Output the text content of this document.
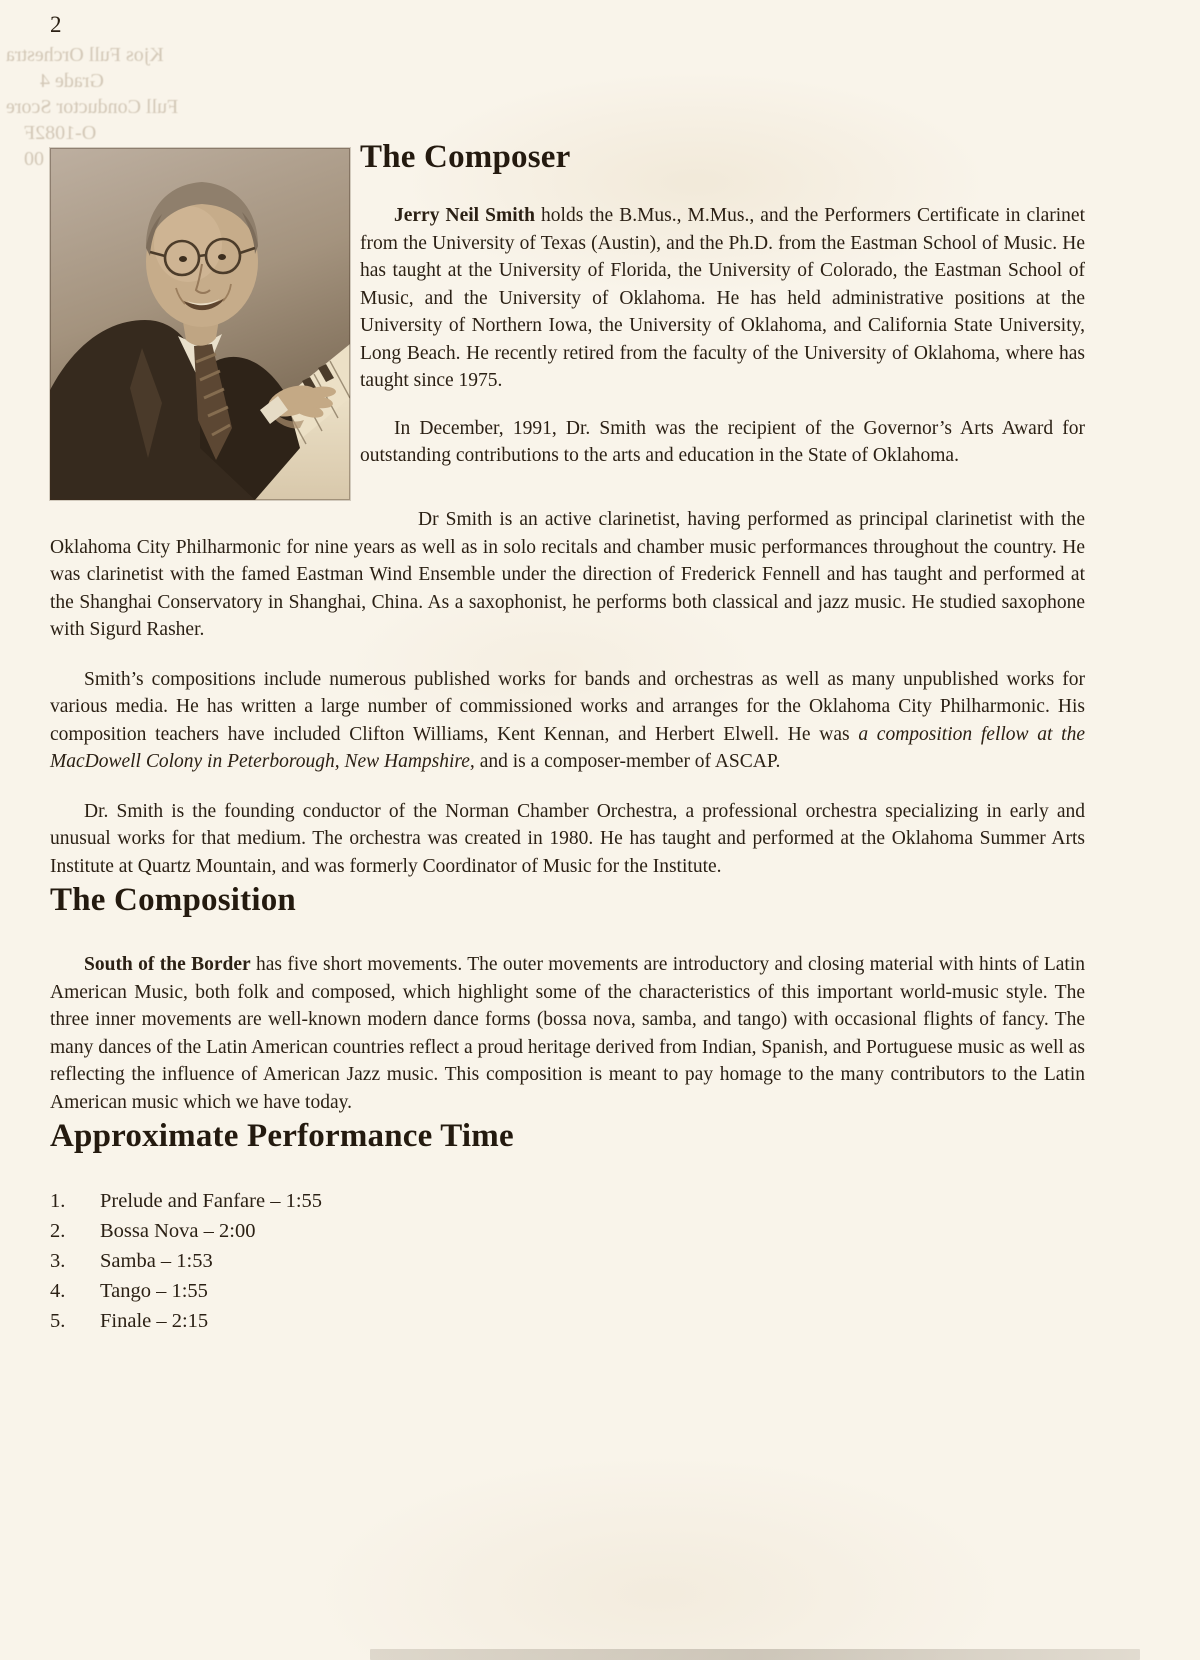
2
Kjos Full Orchestra
Grade 4
Full Conductor Score
O-1082F
00	The Composer

Jerry Neil Smith holds the B.Mus., M.Mus., and the Performers Certificate in clarinet from the University of Texas (Austin), and the Ph.D. from the Eastman School of Music. He has taught at the University of Florida, the University of Colorado, the Eastman School of Music, and the University of Oklahoma. He has held administrative positions at the University of Northern Iowa, the University of Oklahoma, and California State University, Long Beach. He recently retired from the faculty of the University of Oklahoma, where has taught since 1975.

In December, 1991, Dr. Smith was the recipient of the Governor’s Arts Award for outstanding contributions to the arts and education in the State of Oklahoma.

Dr Smith is an active clarinetist, having performed as principal clarinetist with the Oklahoma City Philharmonic for nine years as well as in solo recitals and chamber music performances throughout the country. He was clarinetist with the famed Eastman Wind Ensemble under the direction of Frederick Fennell and has taught and performed at the Shanghai Conservatory in Shanghai, China. As a saxophonist, he performs both classical and jazz music. He studied saxophone with Sigurd Rasher.

Smith’s compositions include numerous published works for bands and orchestras as well as many unpublished works for various media. He has written a large number of commissioned works and arranges for the Oklahoma City Philharmonic. His composition teachers have included Clifton Williams, Kent Kennan, and Herbert Elwell. He was a composition fellow at the MacDowell Colony in Peterborough, New Hampshire, and is a composer-member of ASCAP.

Dr. Smith is the founding conductor of the Norman Chamber Orchestra, a professional orchestra specializing in early and unusual works for that medium. The orchestra was created in 1980. He has taught and performed at the Oklahoma Summer Arts Institute at Quartz Mountain, and was formerly Coordinator of Music for the Institute.

The Composition

South of the Border has five short movements. The outer movements are introductory and closing material with hints of Latin American Music, both folk and composed, which highlight some of the characteristics of this important world-music style. The three inner movements are well-known modern dance forms (bossa nova, samba, and tango) with occasional flights of fancy. The many dances of the Latin American countries reflect a proud heritage derived from Indian, Spanish, and Portuguese music as well as reflecting the influence of American Jazz music. This composition is meant to pay homage to the many contributors to the Latin American music which we have today.

Approximate Performance Time
1.	Prelude and Fanfare – 1:55
2.	Bossa Nova – 2:00
3.	Samba – 1:53
4.	Tango – 1:55
5.	Finale – 2:15
